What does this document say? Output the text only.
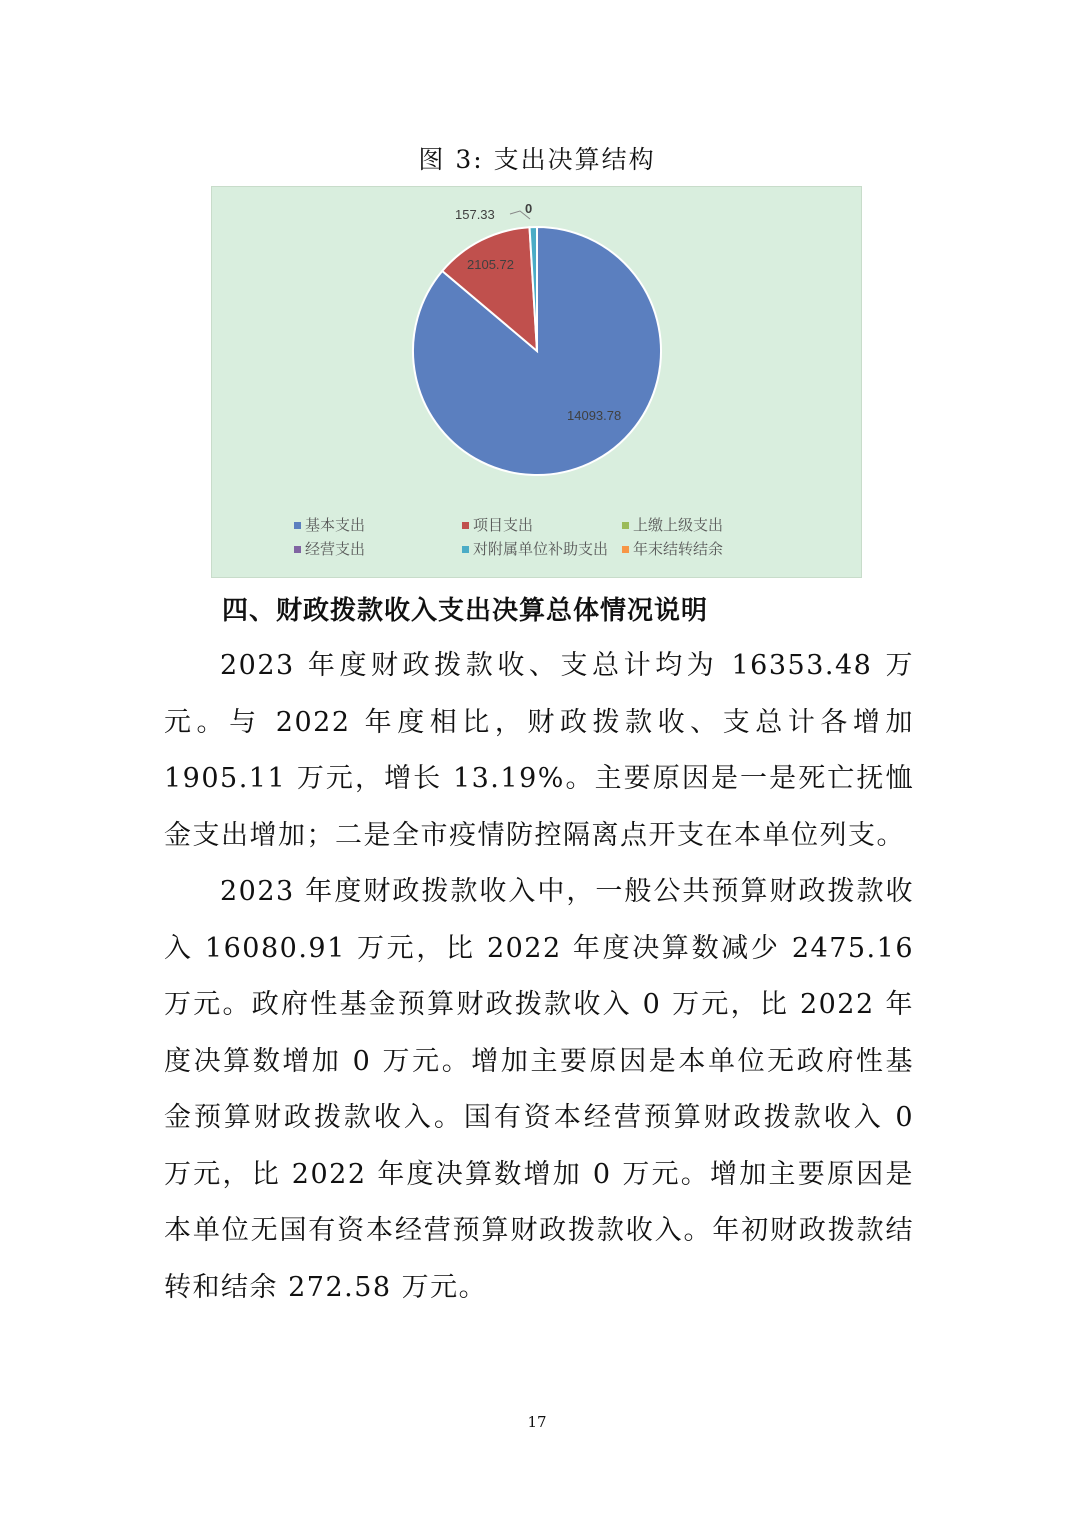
图 3: 支出决算结构
14093.78
2105.72
157.33 0
基本支出	项目支出	上缴上级支出
经营支出	对附属单位补助支出 年末结转结余
四、财政拨款收入支出决算总体情况说明

2023 年度财政拨款收、支总计均为 16353.48 万元。与 2022 年度相比，财政拨款收、支总计各增加 1905.11 万元，增长 13.19%。主要原因是一是死亡抚恤金支出增加；二是全市疫情防控隔离点开支在本单位列支。

2023 年度财政拨款收入中，一般公共预算财政拨款收入 16080.91 万元，比 2022 年度决算数减少 2475.16 万元。政府性基金预算财政拨款收入 0 万元，比 2022 年度决算数增加 0 万元。增加主要原因是本单位无政府性基金预算财政拨款收入。国有资本经营预算财政拨款收入 0 万元，比 2022 年度决算数增加 0 万元。增加主要原因是本单位无国有资本经营预算财政拨款收入。年初财政拨款结转和结余 272.58 万元。

17
